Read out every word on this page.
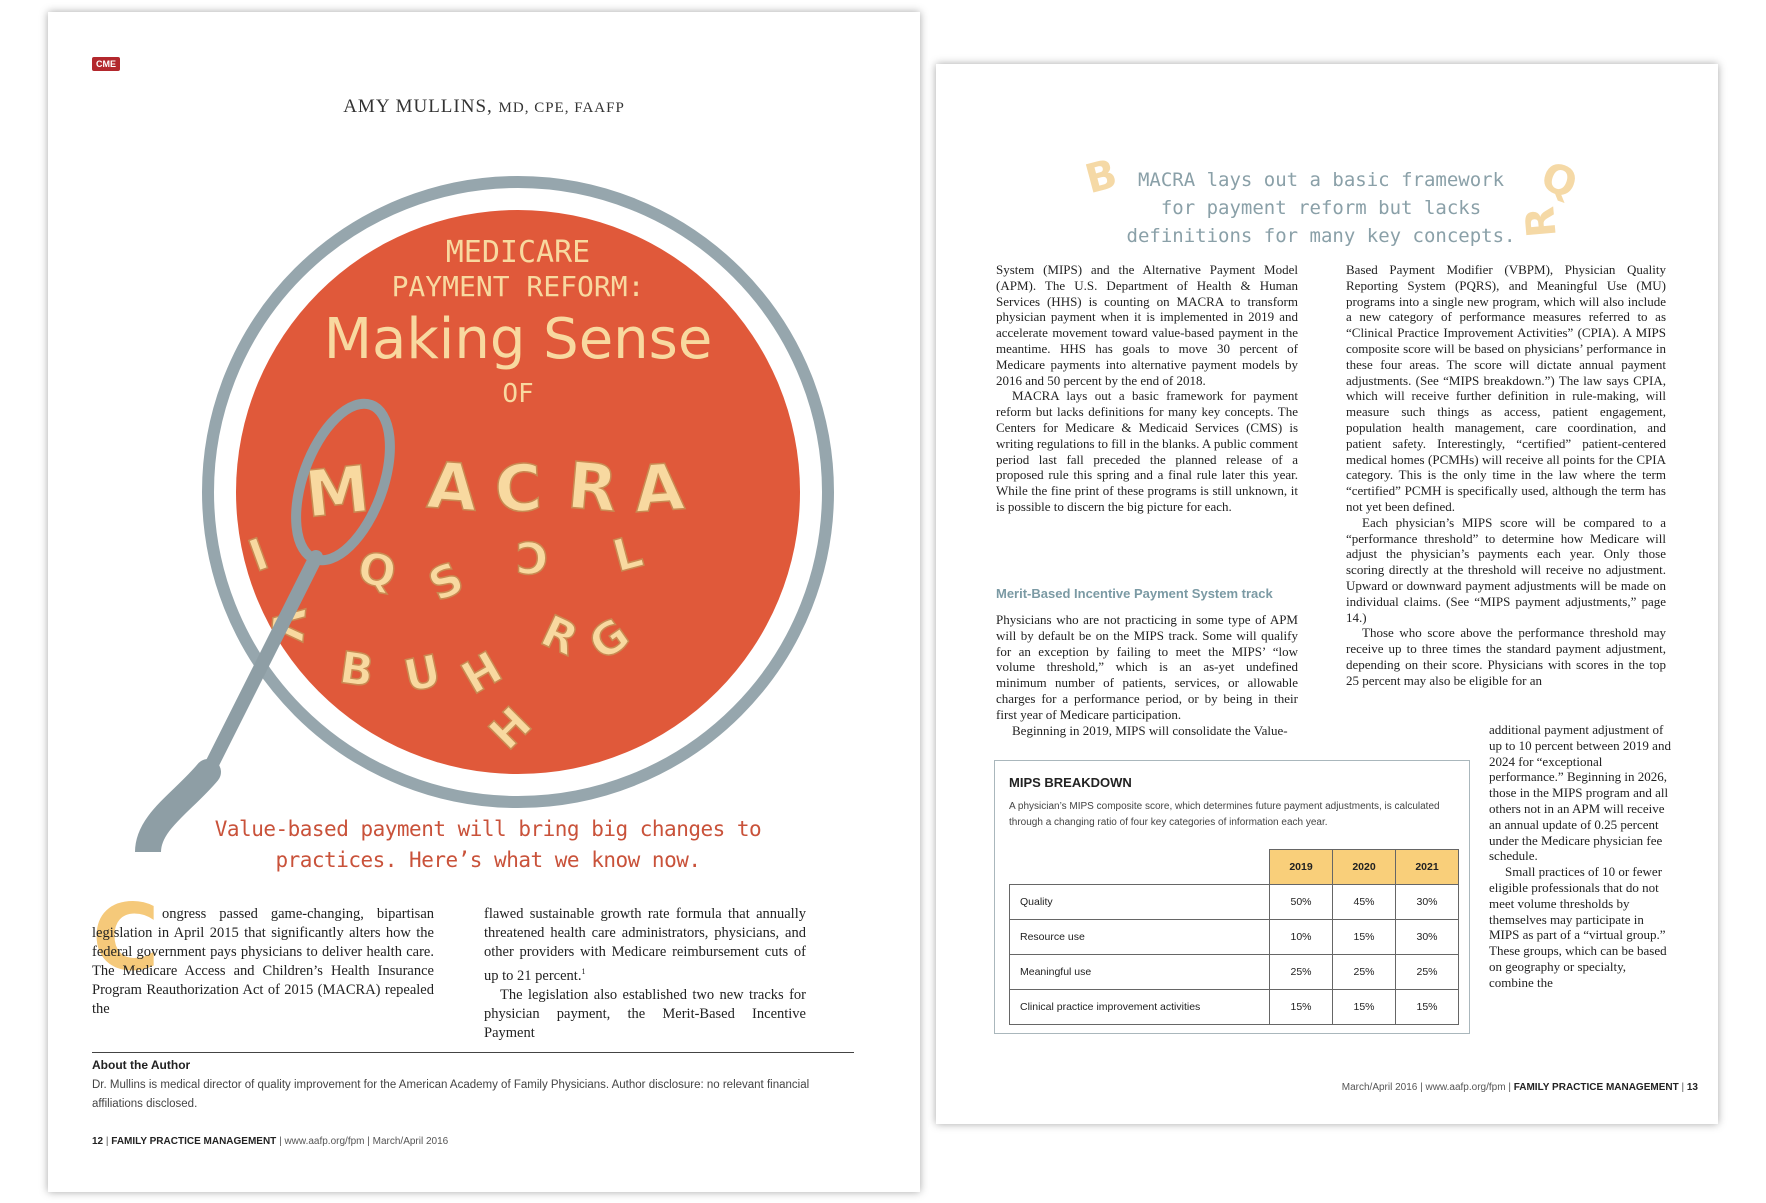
CME
AMY MULLINS, MD, CPE, FAAFP
MEDICARE
PAYMENT REFORM:
Making Sense
OF
M A C R A
I Q S C L
V	R
G
B U H
H
MACRA
Value-based payment will bring big changes to practices. Here’s what we know now.
C ongress passed game-changing, bipartisan legislation in April 2015 that significantly alters how the federal government pays physicians to deliver health care. The Medicare Access and Children’s Health Insurance Program Reauthorization Act of 2015 (MACRA) repealed the
flawed sustainable growth rate formula that annually threatened health care administrators, physicians, and other providers with Medicare reimbursement cuts of up to 21 percent.$^1$
The legislation also established two new tracks for physician payment, the Merit-Based Incentive Payment
About the Author
Dr. Mullins is medical director of quality improvement for the American Academy of Family Physicians. Author disclosure: no relevant financial affiliations disclosed.
12 | FAMILY PRACTICE MANAGEMENT | www.aafp.org/fpm | March/April 2016
B	Q
R
MACRA lays out a basic framework for payment reform but lacks definitions for many key concepts.
System (MIPS) and the Alternative Payment Model (APM). The U.S. Department of Health & Human Services (HHS) is counting on MACRA to transform physician payment when it is implemented in 2019 and accelerate movement toward value-based payment in the meantime. HHS has goals to move 30 percent of Medicare payments into alternative payment models by 2016 and 50 percent by the end of 2018.
MACRA lays out a basic framework for payment reform but lacks definitions for many key concepts. The Centers for Medicare & Medicaid Services (CMS) is writing regulations to fill in the blanks. A public comment period last fall preceded the planned release of a proposed rule this spring and a final rule later this year. While the fine print of these programs is still unknown, it is possible to discern the big picture for each.
Merit-Based Incentive Payment System track
Physicians who are not practicing in some type of APM will by default be on the MIPS track. Some will qualify for an exception by failing to meet the MIPS’ “low volume threshold,” which is an as-yet undefined minimum number of patients, services, or allowable charges for a performance period, or by being in their first year of Medicare participation.
Beginning in 2019, MIPS will consolidate the Value-
Based Payment Modifier (VBPM), Physician Quality Reporting System (PQRS), and Meaningful Use (MU) programs into a single new program, which will also include a new category of performance measures referred to as “Clinical Practice Improvement Activities” (CPIA). A MIPS composite score will be based on physicians’ performance in these four areas. The score will dictate annual payment adjustments. (See “MIPS breakdown.”) The law says CPIA, which will receive further definition in rule-making, will measure such things as access, patient engagement, population health management, care coordination, and patient safety. Interestingly, “certified” patient-centered medical homes (PCMHs) will receive all points for the CPIA category. This is the only time in the law where the term “certified” PCMH is specifically used, although the term has not yet been defined.
Each physician’s MIPS score will be compared to a “performance threshold” to determine how Medicare will adjust the physician’s payments each year. Only those scoring directly at the threshold will receive no adjustment. Upward or downward payment adjustments will be made on individual claims. (See “MIPS payment adjustments,” page 14.)
Those who score above the performance threshold may receive up to three times the standard payment adjustment, depending on their score. Physicians with scores in the top 25 percent may also be eligible for an
additional payment adjustment of up to 10 percent between 2019 and 2024 for “exceptional performance.” Beginning in 2026, those in the MIPS program and all others not in an APM will receive an annual update of 0.25 percent under the Medicare physician fee schedule.
Small practices of 10 or fewer eligible professionals that do not meet volume thresholds by themselves may participate in MIPS as part of a “virtual group.” These groups, which can be based on geography or specialty, combine the
MIPS BREAKDOWN
A physician’s MIPS composite score, which determines future payment adjustments, is calculated through a changing ratio of four key categories of information each year.
	2019	2020	2021
Quality	50%	45%	30%
Resource use	10%	15%	30%
Meaningful use	25%	25%	25%
Clinical practice improvement activities	15%	15%	15%
March/April 2016 | www.aafp.org/fpm | FAMILY PRACTICE MANAGEMENT | 13
